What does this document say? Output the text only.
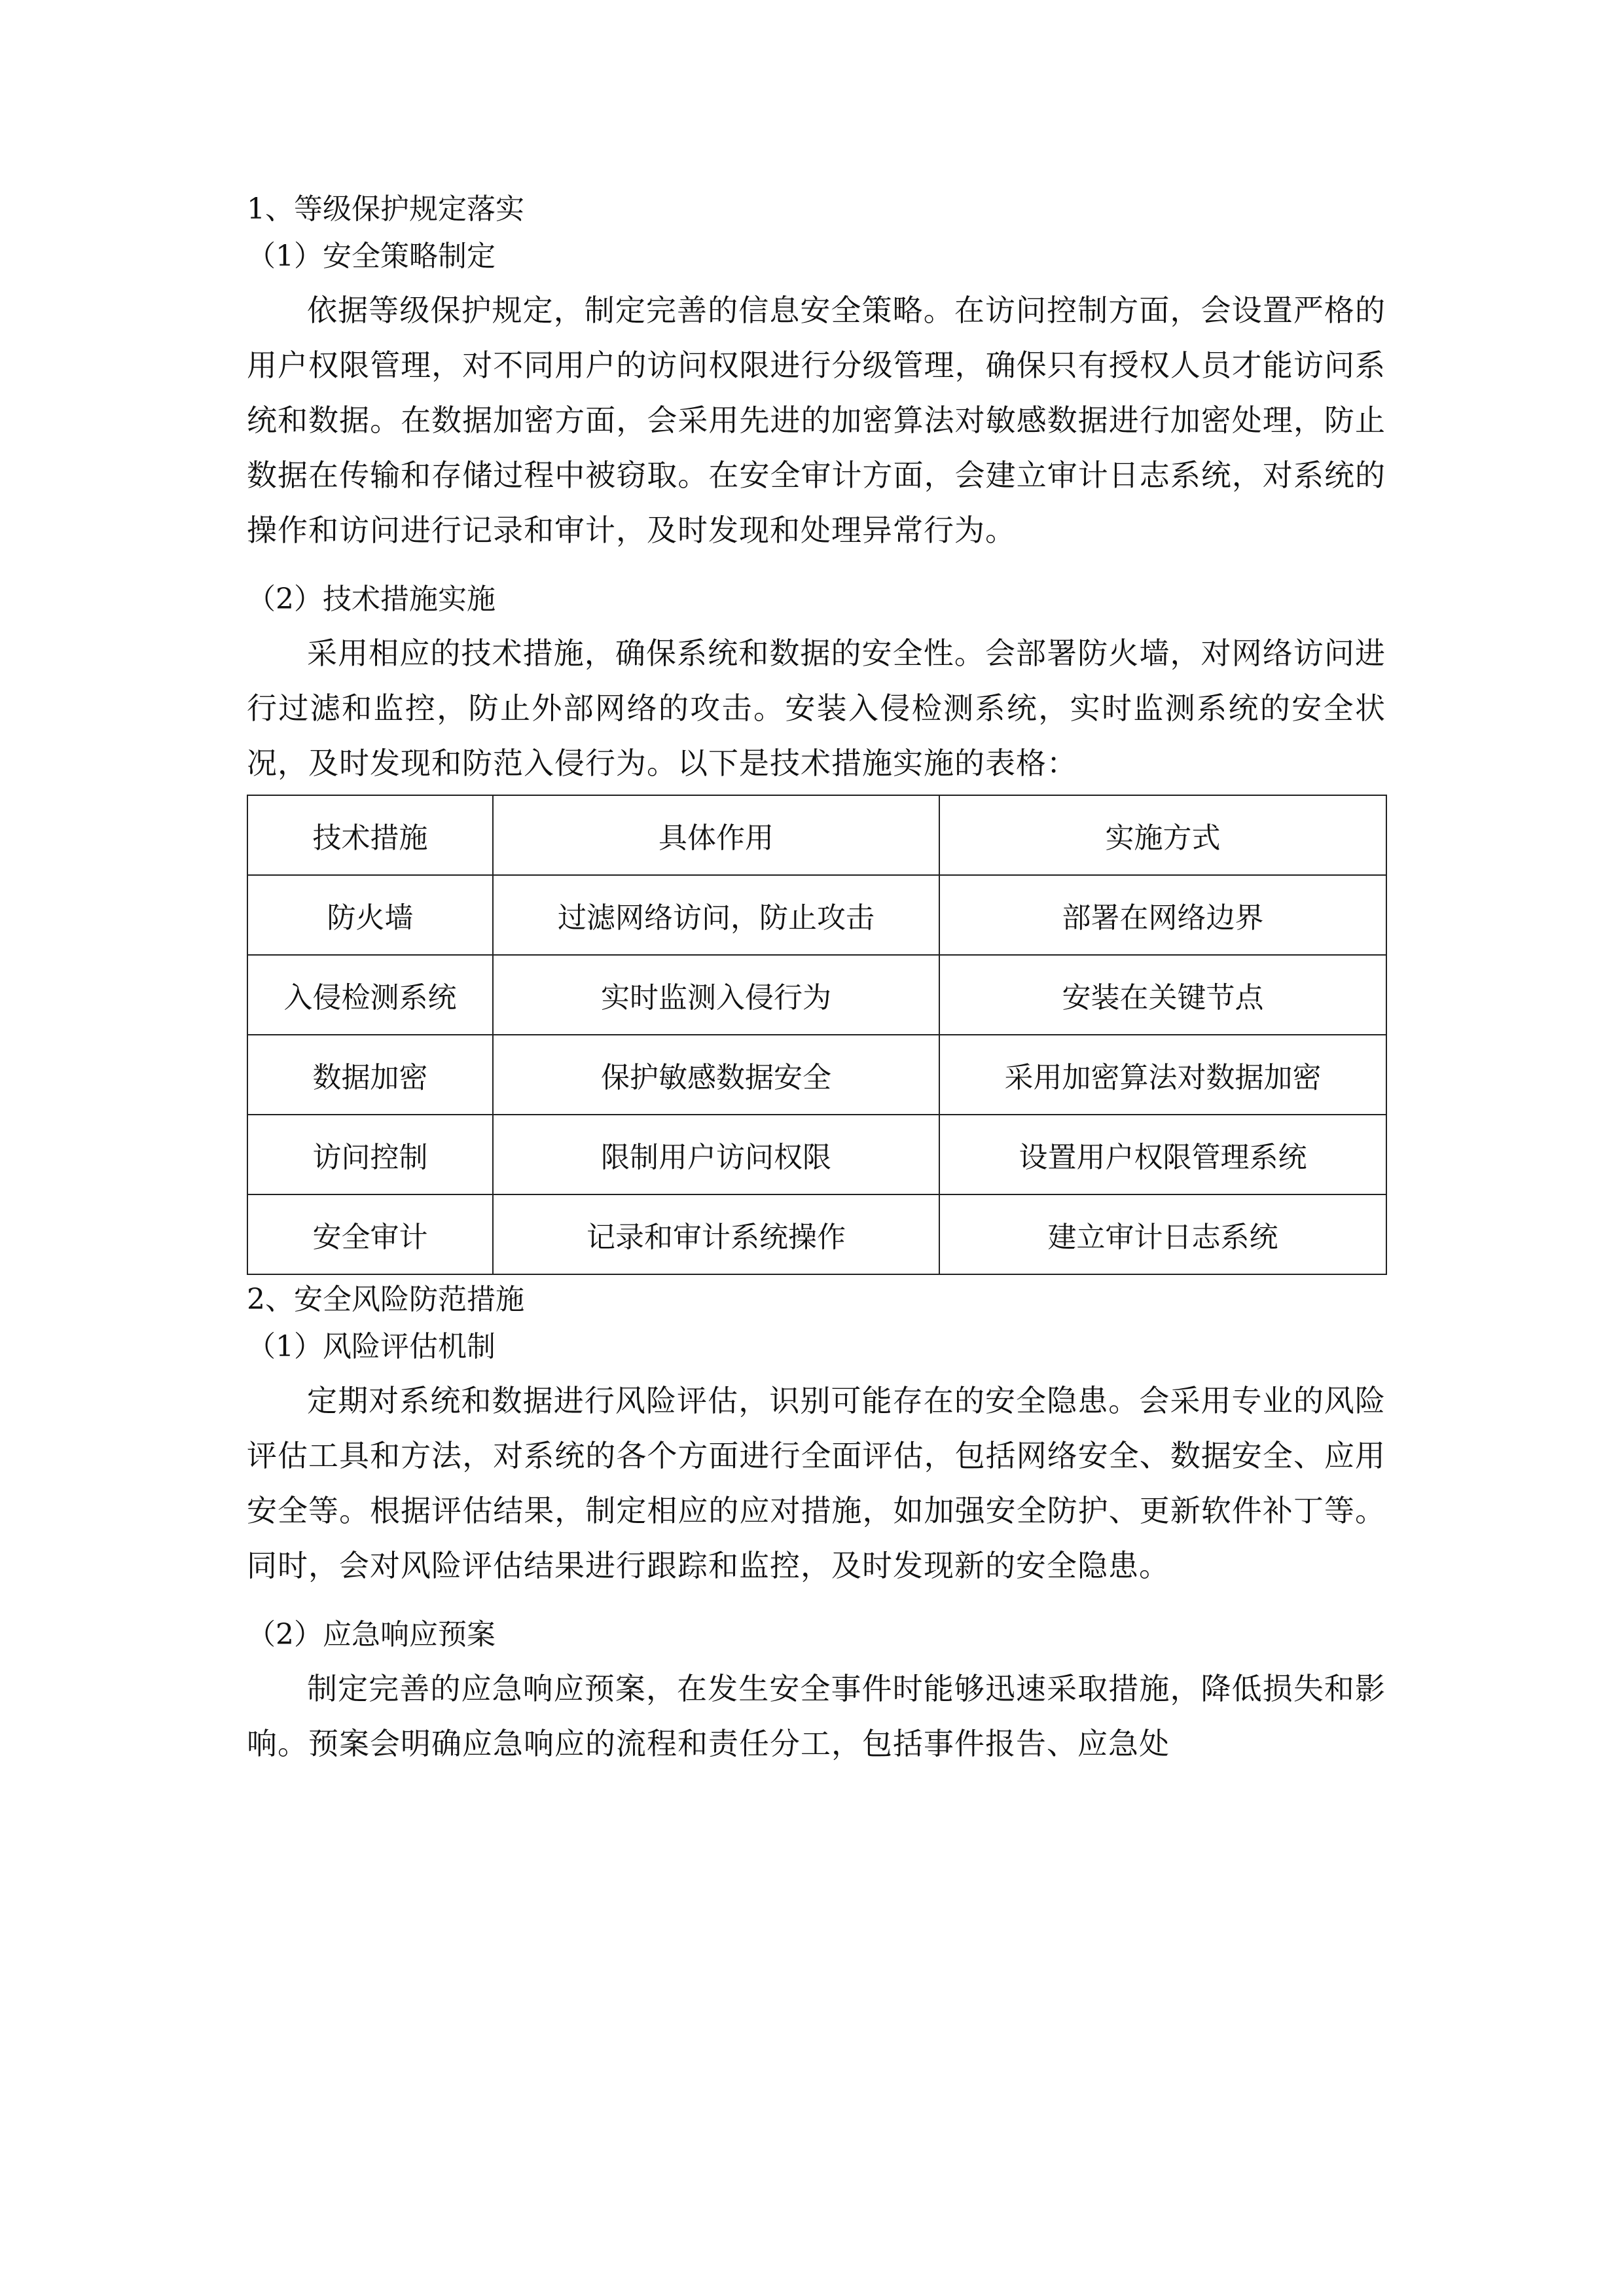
1、等级保护规定落实
（1）安全策略制定

依据等级保护规定，制定完善的信息安全策略。在访问控制方面，会设置严格的用户权限管理，对不同用户的访问权限进行分级管理，确保只有授权人员才能访问系统和数据。在数据加密方面，会采用先进的加密算法对敏感数据进行加密处理，防止数据在传输和存储过程中被窃取。在安全审计方面，会建立审计日志系统，对系统的操作和访问进行记录和审计，及时发现和处理异常行为。

（2）技术措施实施

采用相应的技术措施，确保系统和数据的安全性。会部署防火墙，对网络访问进行过滤和监控，防止外部网络的攻击。安装入侵检测系统，实时监测系统的安全状况，及时发现和防范入侵行为。以下是技术措施实施的表格：

技术措施	具体作用	实施方式
防火墙	过滤网络访问，防止攻击	部署在网络边界
入侵检测系统	实时监测入侵行为	安装在关键节点
数据加密	保护敏感数据安全	采用加密算法对数据加密
访问控制	限制用户访问权限	设置用户权限管理系统
安全审计	记录和审计系统操作	建立审计日志系统
2、安全风险防范措施
（1）风险评估机制

定期对系统和数据进行风险评估，识别可能存在的安全隐患。会采用专业的风险评估工具和方法，对系统的各个方面进行全面评估，包括网络安全、数据安全、应用安全等。根据评估结果，制定相应的应对措施，如加强安全防护、更新软件补丁等。同时，会对风险评估结果进行跟踪和监控，及时发现新的安全隐患。

（2）应急响应预案

制定完善的应急响应预案，在发生安全事件时能够迅速采取措施，降低损失和影响。预案会明确应急响应的流程和责任分工，包括事件报告、应急处
